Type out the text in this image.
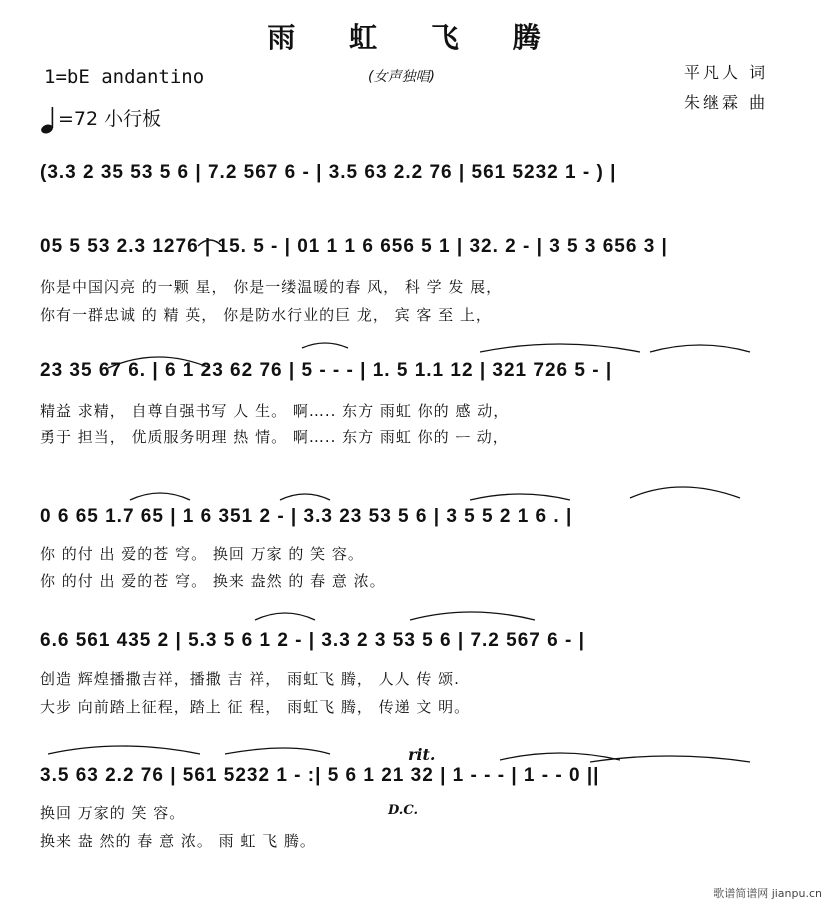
雨 虹 飞 腾
1=bE andantino
=72 小行板
(女声独唱)	平凡人 词
朱继霖 曲
(3.3 2 35 53 5 6 | 7.2 567 6 - | 3.5 63 2.2 76 | 561 5232 1 - ) |
05 5 53 2.3 1276 | 15. 5 - | 01 1 1 6 656 5 1 | 32. 2 - | 3 5 3 656 3 |
你是中国闪亮 的一颗 星， 你是一缕温暖的春 风， 科 学 发 展，
你有一群忠诚 的 精 英， 你是防水行业的巨 龙， 宾 客 至 上，
23 35 67 6. | 6 1 23 62 76 | 5 - - - | 1. 5 1.1 12 | 321 726 5 - |
精益 求精， 自尊自强书写 人 生。 啊….. 东方 雨虹 你的 感 动，
勇于 担当， 优质服务明理 热 情。 啊….. 东方 雨虹 你的 ᅳ 动，
0 6 65 1.7 65 | 1 6 351 2 - | 3.3 23 53 5 6 | 3 5 5 2 1 6 . |
你 的付 出 爱的苍 穹。 换回 万家 的 笑 容。
你 的付 出 爱的苍 穹。 换来 盎然 的 春 意 浓。
6.6 561 435 2 | 5.3 5 6 1 2 - | 3.3 2 3 53 5 6 | 7.2 567 6 - |
创造 辉煌播撒吉祥，播撒 吉 祥， 雨虹飞 腾， 人人 传 颂.
大步 向前踏上征程，踏上 征 程， 雨虹飞 腾， 传递 文 明。
rit.
3.5 63 2.2 76 | 561 5232 1 - :| 5 6 1 21 32 | 1 - - - | 1 - - 0 ||
换回 万家的 笑 容。	D.C.
换来 盎 然的 春 意 浓。 雨 虹 飞 腾。
歌谱简谱网 jianpu.cn
